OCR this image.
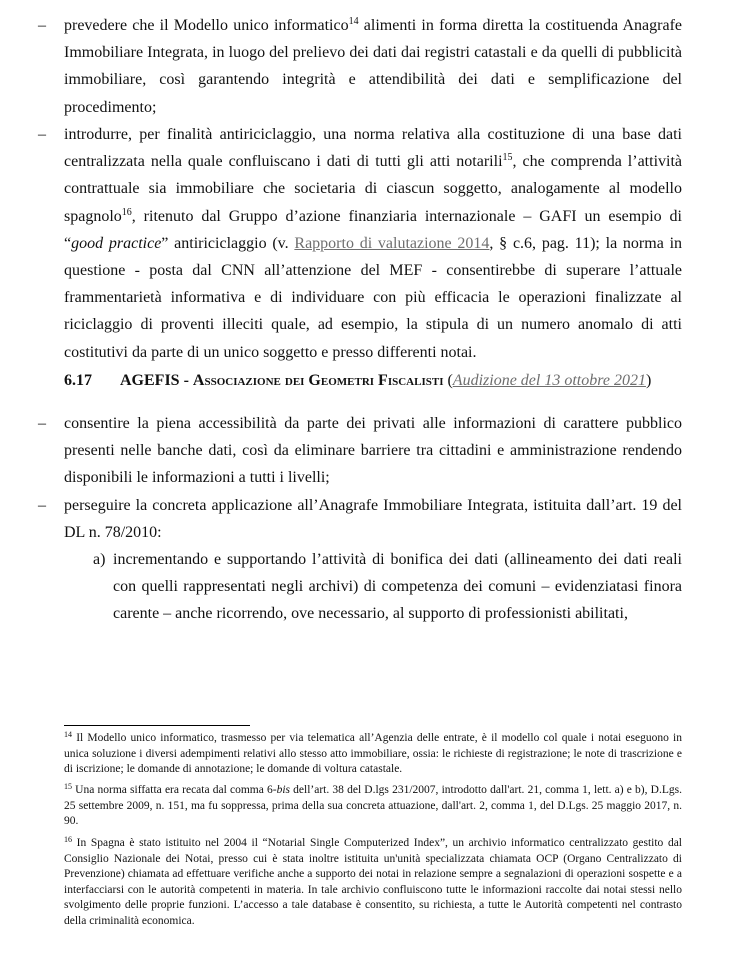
– prevedere che il Modello unico informatico$^{14}$ alimenti in forma diretta la costituenda Anagrafe Immobiliare Integrata, in luogo del prelievo dei dati dai registri catastali e da quelli di pubblicità immobiliare, così garantendo integrità e attendibilità dei dati e semplificazione del procedimento;

– introdurre, per finalità antiriciclaggio, una norma relativa alla costituzione di una base dati centralizzata nella quale confluiscano i dati di tutti gli atti notarili$^{15}$, che comprenda l’attività contrattuale sia immobiliare che societaria di ciascun soggetto, analogamente al modello spagnolo$^{16}$, ritenuto dal Gruppo d’azione finanziaria internazionale – GAFI un esempio di “good practice” antiriciclaggio (v. Rapporto di valutazione 2014, § c.6, pag. 11); la norma in questione - posta dal CNN all’attenzione del MEF - consentirebbe di superare l’attuale frammentarietà informativa e di individuare con più efficacia le operazioni finalizzate al riciclaggio di proventi illeciti quale, ad esempio, la stipula di un numero anomalo di atti costitutivi da parte di un unico soggetto e presso differenti notai.

6.17 AGEFIS - Associazione dei Geometri Fiscalisti (Audizione del 13 ottobre 2021)
– consentire la piena accessibilità da parte dei privati alle informazioni di carattere pubblico presenti nelle banche dati, così da eliminare barriere tra cittadini e amministrazione rendendo disponibili le informazioni a tutti i livelli;

– perseguire la concreta applicazione all’Anagrafe Immobiliare Integrata, istituita dall’art. 19 del DL n. 78/2010:

a) incrementando e supportando l’attività di bonifica dei dati (allineamento dei dati reali con quelli rappresentati negli archivi) di competenza dei comuni – evidenziatasi finora carente – anche ricorrendo, ove necessario, al supporto di professionisti abilitati,
$^{14}$ Il Modello unico informatico, trasmesso per via telematica all’Agenzia delle entrate, è il modello col quale i notai eseguono in unica soluzione i diversi adempimenti relativi allo stesso atto immobiliare, ossia: le richieste di registrazione; le note di trascrizione e di iscrizione; le domande di annotazione; le domande di voltura catastale.
$^{15}$ Una norma siffatta era recata dal comma 6-bis dell’art. 38 del D.lgs 231/2007, introdotto dall'art. 21, comma 1, lett. a) e b), D.Lgs. 25 settembre 2009, n. 151, ma fu soppressa, prima della sua concreta attuazione, dall'art. 2, comma 1, del D.Lgs. 25 maggio 2017, n. 90.
$^{16}$ In Spagna è stato istituito nel 2004 il “Notarial Single Computerized Index”, un archivio informatico centralizzato gestito dal Consiglio Nazionale dei Notai, presso cui è stata inoltre istituita un'unità specializzata chiamata OCP (Organo Centralizzato di Prevenzione) chiamata ad effettuare verifiche anche a supporto dei notai in relazione sempre a segnalazioni di operazioni sospette e a interfacciarsi con le autorità competenti in materia. In tale archivio confluiscono tutte le informazioni raccolte dai notai stessi nello svolgimento delle proprie funzioni. L’accesso a tale database è consentito, su richiesta, a tutte le Autorità competenti nel contrasto della criminalità economica.
